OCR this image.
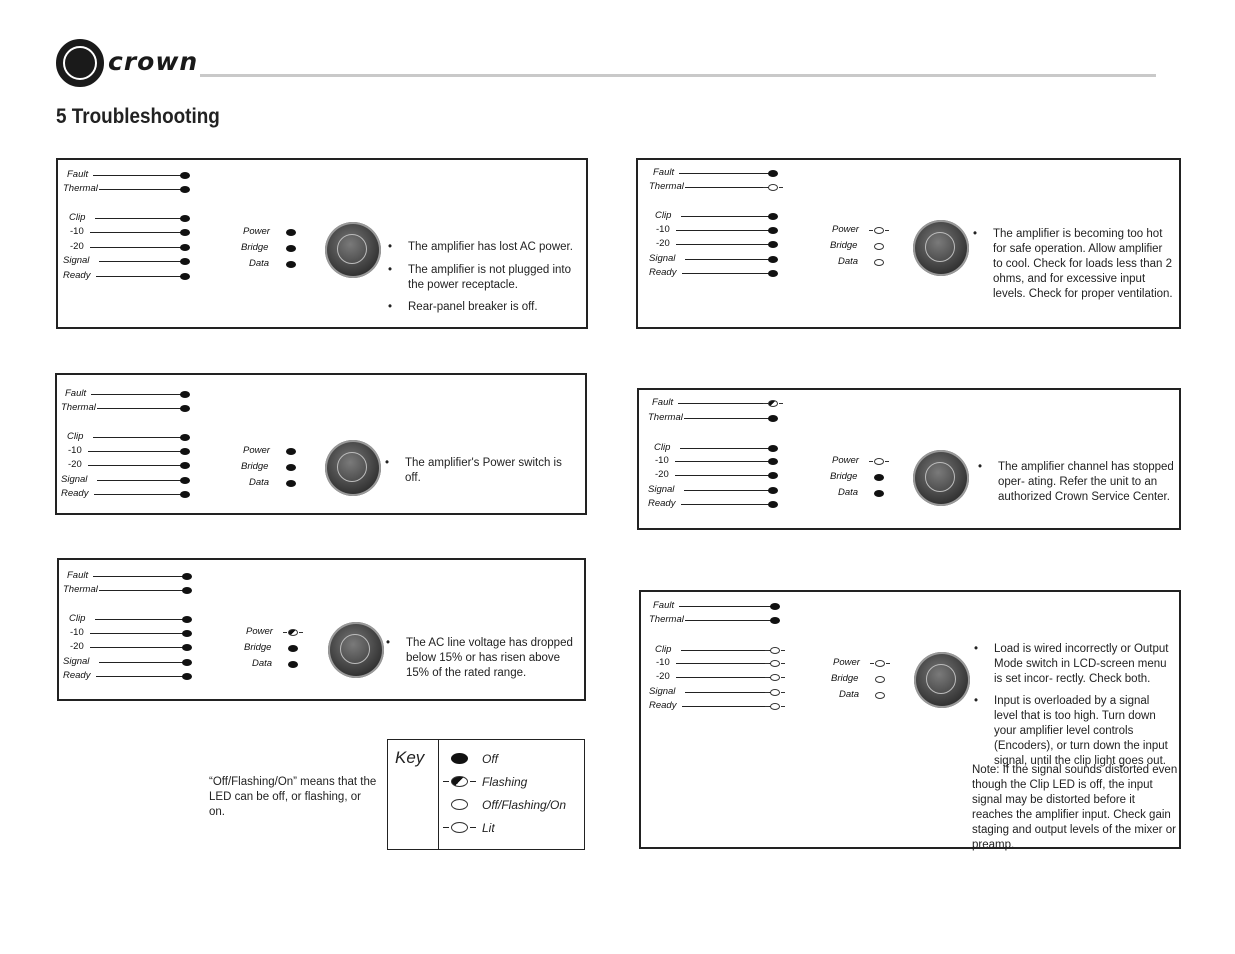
crown
5 Troubleshooting
Fault
Thermal
Clip
-10
-20
Signal
Ready
Power
Bridge
Data
• The amplifier has lost AC power.
• The amplifier is not plugged into the power receptacle.
• Rear-panel breaker is off.
Fault
Thermal
Clip
-10
-20
Signal
Ready
Power
Bridge
Data
• The amplifier's Power switch is off.
Fault
Thermal
Clip
-10
-20
Signal
Ready
Power
Bridge
Data
• The AC line voltage has dropped below 15% or has risen above 15% of the rated range.
Fault
Thermal
Clip
-10
-20
Signal
Ready
Power
Bridge
Data
• The amplifier is becoming too hot for safe operation. Allow amplifier to cool. Check for loads less than 2 ohms, and for excessive input levels. Check for proper ventilation.
Fault
Thermal
Clip
-10
-20
Signal
Ready
Power
Bridge
Data
• The amplifier channel has stopped oper- ating. Refer the unit to an authorized Crown Service Center.
Fault
Thermal
Clip
-10
-20
Signal
Ready
Power
Bridge
Data
• Load is wired incorrectly or Output Mode switch in LCD-screen menu is set incor- rectly. Check both.
• Input is overloaded by a signal level that is too high. Turn down your amplifier level controls (Encoders), or turn down the input signal, until the clip light goes out.
Note: If the signal sounds distorted even though the Clip LED is off, the input signal may be distorted before it reaches the amplifier input. Check gain staging and output levels of the mixer or preamp.
“Off/Flashing/On” means that the LED can be off, or flashing, or on.
Key	Off
Flashing
Off/Flashing/On
Lit
